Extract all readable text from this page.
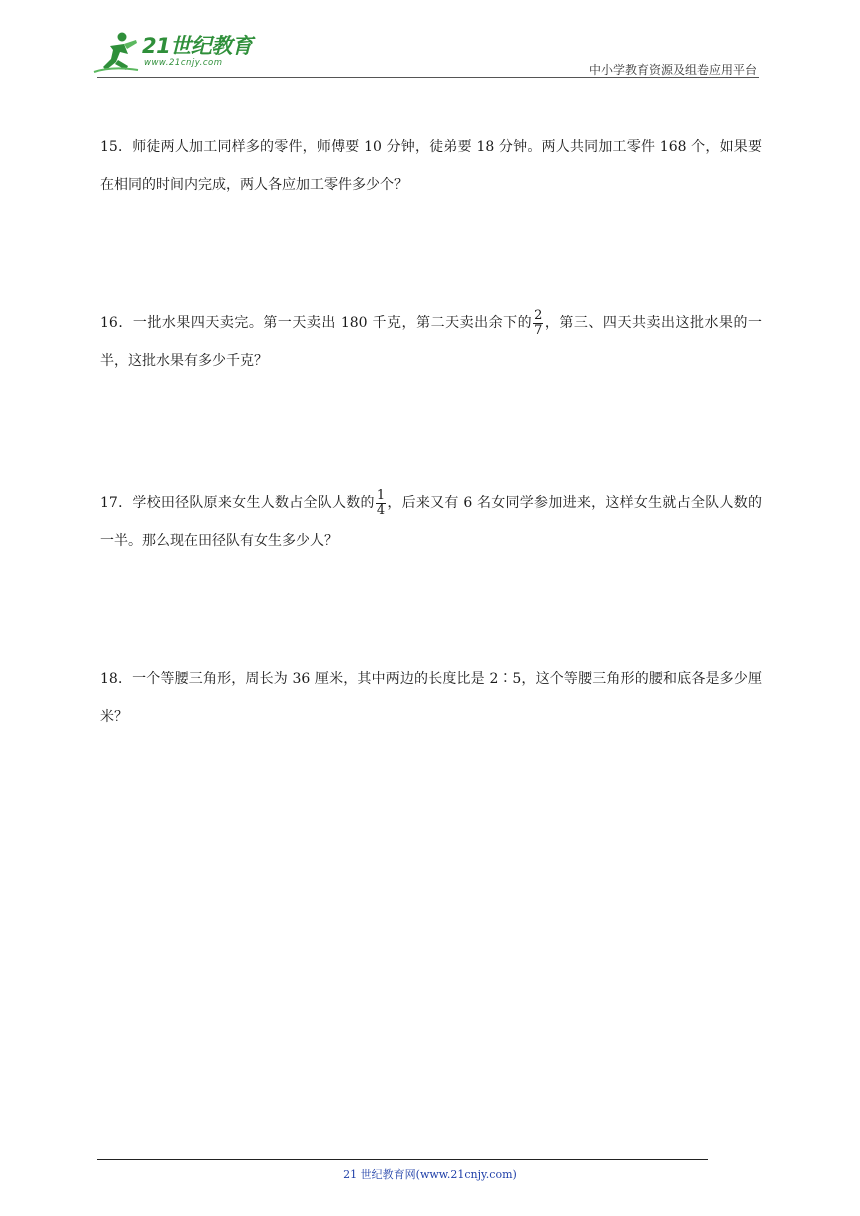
21世纪教育
www.21cnjy.com	中小学教育资源及组卷应用平台
15．师徒两人加工同样多的零件，师傅要 10 分钟，徒弟要 18 分钟。两人共同加工零件 168 个，如果要在相同的时间内完成，两人各应加工零件多少个？
16．一批水果四天卖完。第一天卖出 180 千克，第二天卖出余下的 $\frac{2}{7}$ ，第三、四天共卖出这批水果的一半，这批水果有多少千克？
17．学校田径队原来女生人数占全队人数的 $\frac{1}{4}$ ，后来又有 6 名女同学参加进来，这样女生就占全队人数的一半。那么现在田径队有女生多少人？
18．一个等腰三角形，周长为 36 厘米，其中两边的长度比是 2∶5，这个等腰三角形的腰和底各是多少厘米？
21 世纪教育网(www.21cnjy.com)
